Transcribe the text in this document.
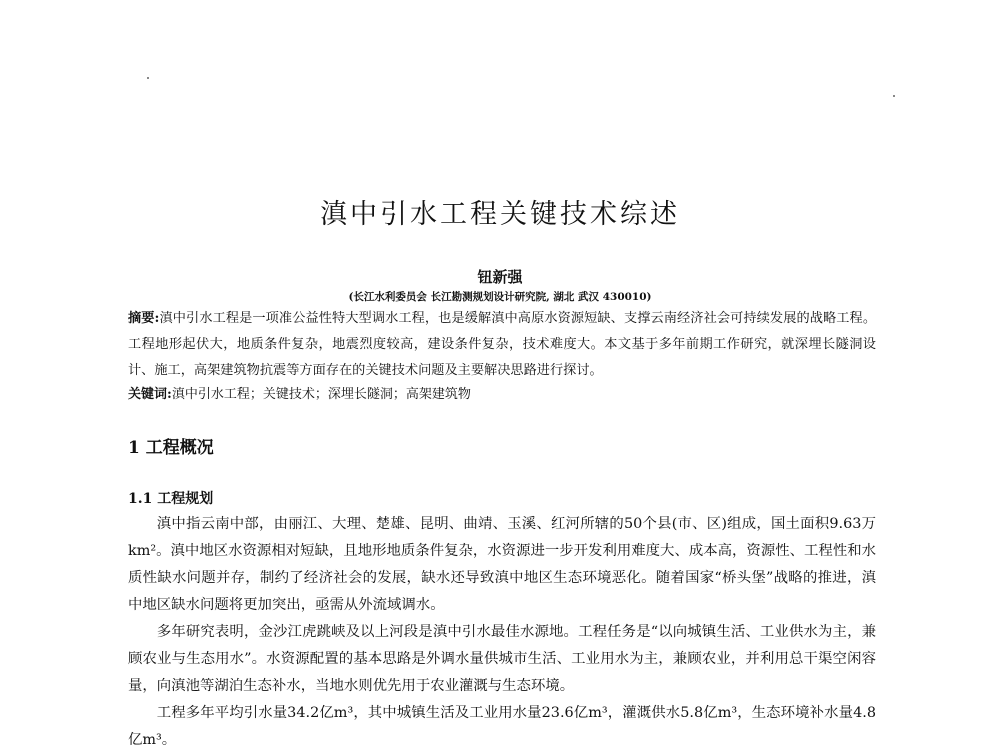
滇中引水工程关键技术综述
钮新强
(长江水利委员会 长江勘测规划设计研究院, 湖北 武汉 430010)

摘要:滇中引水工程是一项准公益性特大型调水工程，也是缓解滇中高原水资源短缺、支撑云南经济社会可持续发展的战略工程。工程地形起伏大，地质条件复杂，地震烈度较高，建设条件复杂，技术难度大。本文基于多年前期工作研究，就深埋长隧洞设计、施工，高架建筑物抗震等方面存在的关键技术问题及主要解决思路进行探讨。

关键词:滇中引水工程；关键技术；深埋长隧洞；高架建筑物

1 工程概况
1.1 工程规划

滇中指云南中部，由丽江、大理、楚雄、昆明、曲靖、玉溪、红河所辖的50个县(市、区)组成，国土面积9.63万km²。滇中地区水资源相对短缺，且地形地质条件复杂，水资源进一步开发利用难度大、成本高，资源性、工程性和水质性缺水问题并存，制约了经济社会的发展，缺水还导致滇中地区生态环境恶化。随着国家“桥头堡”战略的推进，滇中地区缺水问题将更加突出，亟需从外流域调水。

多年研究表明，金沙江虎跳峡及以上河段是滇中引水最佳水源地。工程任务是“以向城镇生活、工业供水为主，兼顾农业与生态用水”。水资源配置的基本思路是外调水量供城市生活、工业用水为主，兼顾农业，并利用总干渠空闲容量，向滇池等湖泊生态补水，当地水则优先用于农业灌溉与生态环境。

工程多年平均引水量34.2亿m³，其中城镇生活及工业用水量23.6亿m³，灌溉供水5.8亿m³，生态环境补水量4.8亿m³。
